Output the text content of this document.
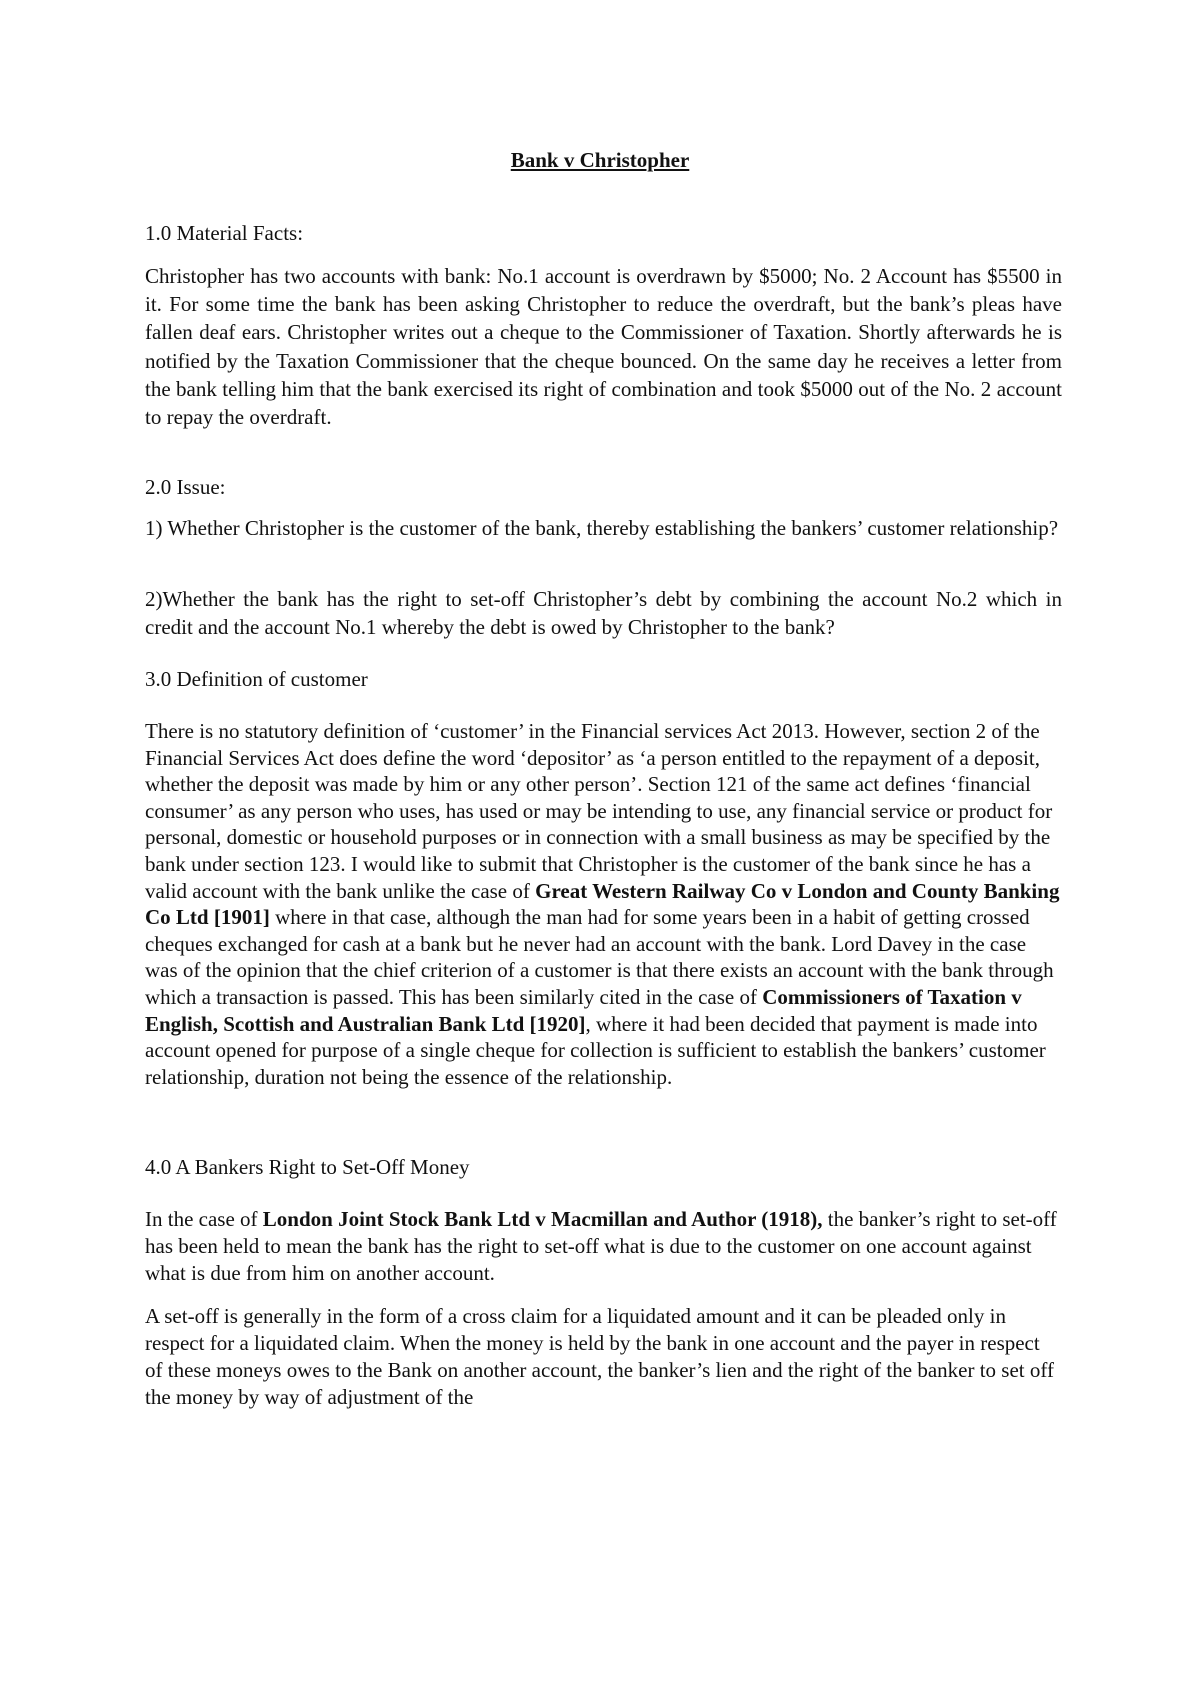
Bank v Christopher

1.0 Material Facts:

Christopher has two accounts with bank: No.1 account is overdrawn by $5000; No. 2 Account has $5500 in it. For some time the bank has been asking Christopher to reduce the overdraft, but the bank’s pleas have fallen deaf ears. Christopher writes out a cheque to the Commissioner of Taxation. Shortly afterwards he is notified by the Taxation Commissioner that the cheque bounced. On the same day he receives a letter from the bank telling him that the bank exercised its right of combination and took $5000 out of the No. 2 account to repay the overdraft.

2.0 Issue:

1) Whether Christopher is the customer of the bank, thereby establishing the bankers’ customer relationship?

2)Whether the bank has the right to set-off Christopher’s debt by combining the account No.2 which in credit and the account No.1 whereby the debt is owed by Christopher to the bank?

3.0 Definition of customer

There is no statutory definition of ‘customer’ in the Financial services Act 2013. However, section 2 of the Financial Services Act does define the word ‘depositor’ as ‘a person entitled to the repayment of a deposit, whether the deposit was made by him or any other person’. Section 121 of the same act defines ‘financial consumer’ as any person who uses, has used or may be intending to use, any financial service or product for personal, domestic or household purposes or in connection with a small business as may be specified by the bank under section 123. I would like to submit that Christopher is the customer of the bank since he has a valid account with the bank unlike the case of Great Western Railway Co v London and County Banking Co Ltd [1901] where in that case, although the man had for some years been in a habit of getting crossed cheques exchanged for cash at a bank but he never had an account with the bank. Lord Davey in the case was of the opinion that the chief criterion of a customer is that there exists an account with the bank through which a transaction is passed. This has been similarly cited in the case of Commissioners of Taxation v English, Scottish and Australian Bank Ltd [1920], where it had been decided that payment is made into account opened for purpose of a single cheque for collection is sufficient to establish the bankers’ customer relationship, duration not being the essence of the relationship.

4.0 A Bankers Right to Set-Off Money

In the case of London Joint Stock Bank Ltd v Macmillan and Author (1918), the banker’s right to set-off has been held to mean the bank has the right to set-off what is due to the customer on one account against what is due from him on another account.

A set-off is generally in the form of a cross claim for a liquidated amount and it can be pleaded only in respect for a liquidated claim. When the money is held by the bank in one account and the payer in respect of these moneys owes to the Bank on another account, the banker’s lien and the right of the banker to set off the money by way of adjustment of the
